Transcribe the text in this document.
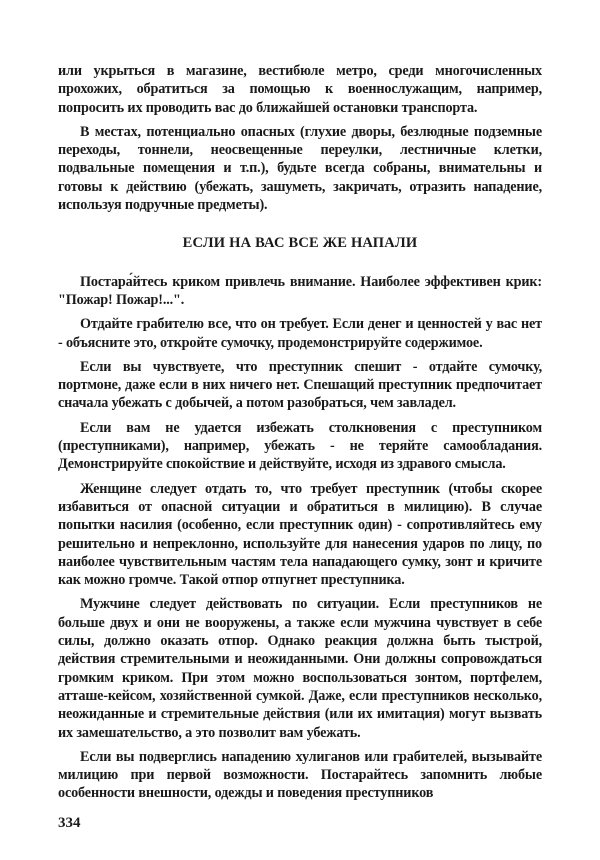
или укрыться в магазине, вестибюле метро, среди многочисленных прохожих, обратиться за помощью к военнослужащим, например, попросить их проводить вас до ближайшей остановки транспорта.

В местах, потенциально опасных (глухие дворы, безлюдные подземные переходы, тоннели, неосвещенные переулки, лестничные клетки, подвальные помещения и т.п.), будьте всегда собраны, внимательны и готовы к действию (убежать, зашуметь, закричать, отразить нападение, используя подручные предметы).

ЕСЛИ НА ВАС ВСЕ ЖЕ НАПАЛИ

Постара́йтесь криком привлечь внимание. Наиболее эффективен крик: "Пожар! Пожар!...".

Отдайте грабителю все, что он требует. Если денег и ценностей у вас нет - объясните это, откройте сумочку, продемонстрируйте содержимое.

Если вы чувствуете, что преступник спешит - отдайте сумочку, портмоне, даже если в них ничего нет. Спешащий преступник предпочитает сначала убежать с добычей, а потом разобраться, чем завладел.

Если вам не удается избежать столкновения с преступником (преступниками), например, убежать - не теряйте самообладания. Демонстрируйте спокойствие и действуйте, исходя из здравого смысла.

Женщине следует отдать то, что требует преступник (чтобы скорее избавиться от опасной ситуации и обратиться в милицию). В случае попытки насилия (особенно, если преступник один) - сопротивляйтесь ему решительно и непреклонно, используйте для нанесения ударов по лицу, по наиболее чувствительным частям тела нападающего сумку, зонт и кричите как можно громче. Такой отпор отпугнет преступника.

Мужчине следует действовать по ситуации. Если преступников не больше двух и они не вооружены, а также если мужчина чувствует в себе силы, должно оказать отпор. Однако реакция должна быть тыстрой, действия стремительными и неожиданными. Они должны сопровождаться громким криком. При этом можно воспользоваться зонтом, портфелем, атташе-кейсом, хозяйственной сумкой. Даже, если преступников несколько, неожиданные и стремительные действия (или их имитация) могут вызвать их замешательство, а это позволит вам убежать.

Если вы подверглись нападению хулиганов или грабителей, вызывайте милицию при первой возможности. Постарайтесь запомнить любые особенности внешности, одежды и поведения преступников

334
